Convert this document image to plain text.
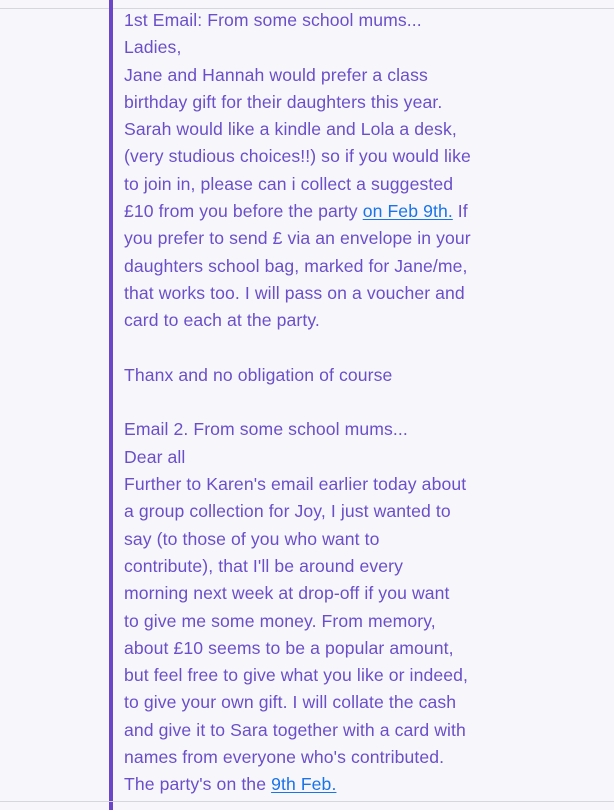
1st Email: From some school mums...
Ladies,
Jane and Hannah would prefer a class
birthday gift for their daughters this year.
Sarah would like a kindle and Lola a desk,
(very studious choices!!) so if you would like
to join in, please can i collect a suggested
£10 from you before the party on Feb 9th. If
you prefer to send £ via an envelope in your
daughters school bag, marked for Jane/me,
that works too. I will pass on a voucher and
card to each at the party.
Thanx and no obligation of course
Email 2. From some school mums...
Dear all
Further to Karen's email earlier today about
a group collection for Joy, I just wanted to
say (to those of you who want to
contribute), that I'll be around every
morning next week at drop-off if you want
to give me some money. From memory,
about £10 seems to be a popular amount,
but feel free to give what you like or indeed,
to give your own gift. I will collate the cash
and give it to Sara together with a card with
names from everyone who's contributed.
The party's on the 9th Feb.
